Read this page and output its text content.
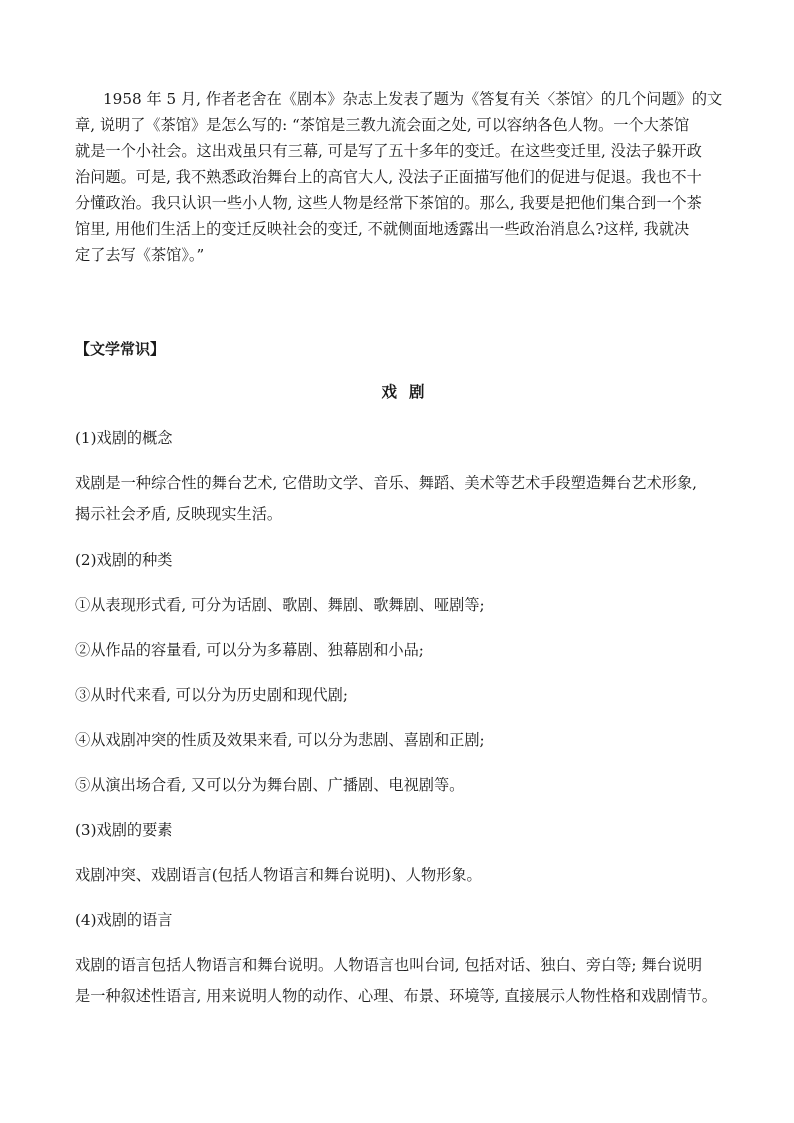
1958 年 5 月, 作者老舍在《剧本》杂志上发表了题为《答复有关〈茶馆〉的几个问题》的文
章, 说明了《茶馆》是怎么写的: “茶馆是三教九流会面之处, 可以容纳各色人物。一个大茶馆
就是一个小社会。这出戏虽只有三幕, 可是写了五十多年的变迁。在这些变迁里, 没法子躲开政
治问题。可是, 我不熟悉政治舞台上的高官大人, 没法子正面描写他们的促进与促退。我也不十
分懂政治。我只认识一些小人物, 这些人物是经常下茶馆的。那么, 我要是把他们集合到一个茶
馆里, 用他们生活上的变迁反映社会的变迁, 不就侧面地透露出一些政治消息么?这样, 我就决
定了去写《茶馆》。”
【文学常识】
戏剧

(1)戏剧的概念

戏剧是一种综合性的舞台艺术, 它借助文学、音乐、舞蹈、美术等艺术手段塑造舞台艺术形象,

揭示社会矛盾, 反映现实生活。

(2)戏剧的种类

①从表现形式看, 可分为话剧、歌剧、舞剧、歌舞剧、哑剧等;

②从作品的容量看, 可以分为多幕剧、独幕剧和小品;

③从时代来看, 可以分为历史剧和现代剧;

④从戏剧冲突的性质及效果来看, 可以分为悲剧、喜剧和正剧;

⑤从演出场合看, 又可以分为舞台剧、广播剧、电视剧等。

(3)戏剧的要素

戏剧冲突、戏剧语言(包括人物语言和舞台说明)、人物形象。

(4)戏剧的语言

戏剧的语言包括人物语言和舞台说明。人物语言也叫台词, 包括对话、独白、旁白等; 舞台说明

是一种叙述性语言, 用来说明人物的动作、心理、布景、环境等, 直接展示人物性格和戏剧情节。
